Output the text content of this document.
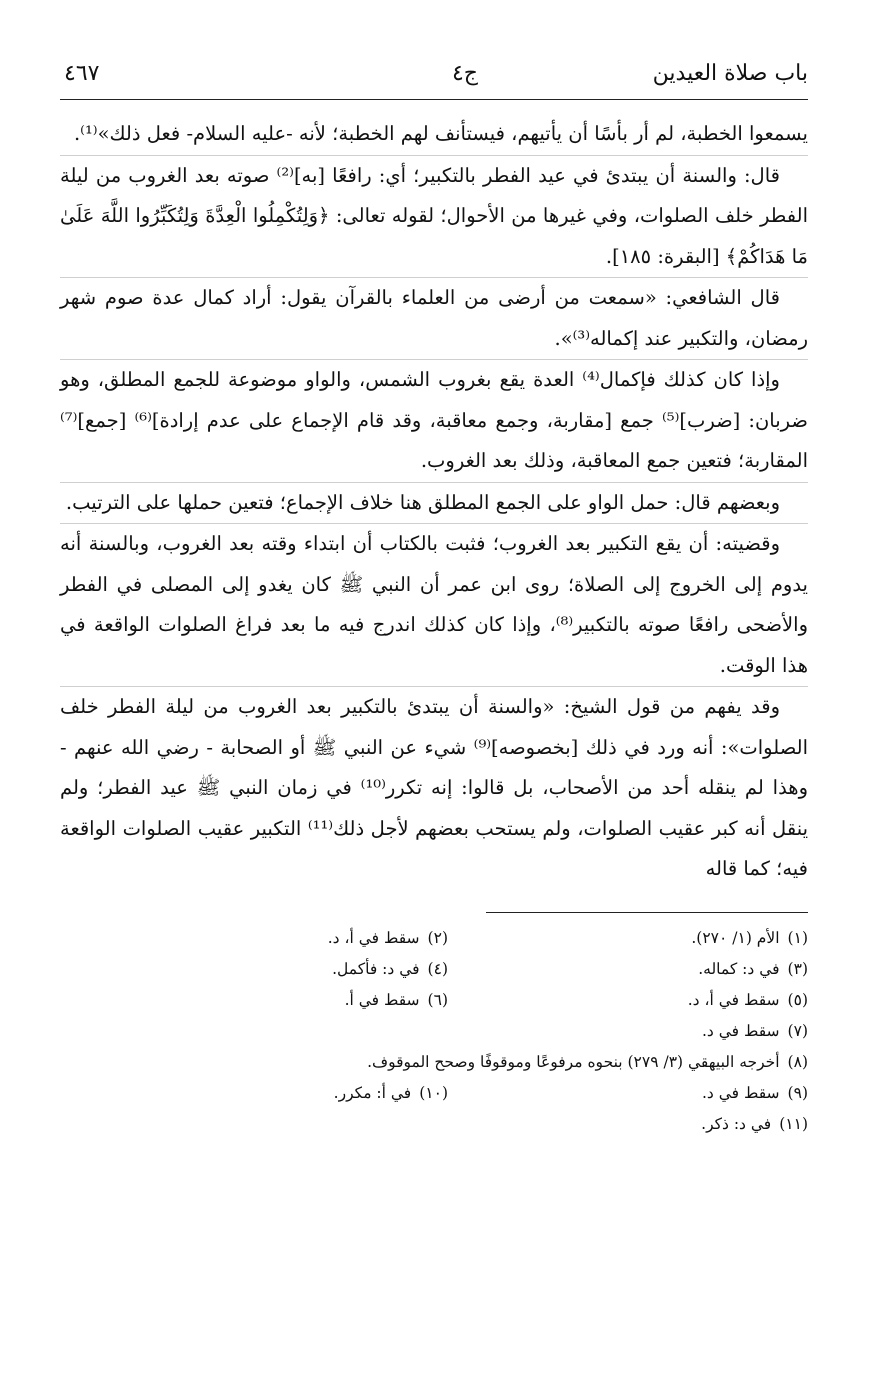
باب صلاة العيدين
ج٤
٤٦٧

يسمعوا الخطبة، لم أر بأسًا أن يأتيهم، فيستأنف لهم الخطبة؛ لأنه -عليه السلام- فعل ذلك»⁽¹⁾.

قال: والسنة أن يبتدئ في عيد الفطر بالتكبير؛ أي: رافعًا [به]⁽²⁾ صوته بعد الغروب من ليلة الفطر خلف الصلوات، وفي غيرها من الأحوال؛ لقوله تعالى: ﴿وَلِتُكْمِلُوا الْعِدَّةَ وَلِتُكَبِّرُوا اللَّهَ عَلَىٰ مَا هَدَاكُمْ﴾ [البقرة: ١٨٥].

قال الشافعي: «سمعت من أرضى من العلماء بالقرآن يقول: أراد كمال عدة صوم شهر رمضان، والتكبير عند إكماله⁽³⁾».

وإذا كان كذلك فإكمال⁽⁴⁾ العدة يقع بغروب الشمس، والواو موضوعة للجمع المطلق، وهو ضربان: [ضرب]⁽⁵⁾ جمع [مقاربة، وجمع معاقبة، وقد قام الإجماع على عدم إرادة]⁽⁶⁾ [جمع]⁽⁷⁾ المقاربة؛ فتعين جمع المعاقبة، وذلك بعد الغروب.

وبعضهم قال: حمل الواو على الجمع المطلق هنا خلاف الإجماع؛ فتعين حملها على الترتيب.

وقضيته: أن يقع التكبير بعد الغروب؛ فثبت بالكتاب أن ابتداء وقته بعد الغروب، وبالسنة أنه يدوم إلى الخروج إلى الصلاة؛ روى ابن عمر أن النبي ﷺ كان يغدو إلى المصلى في الفطر والأضحى رافعًا صوته بالتكبير⁽⁸⁾، وإذا كان كذلك اندرج فيه ما بعد فراغ الصلوات الواقعة في هذا الوقت.

وقد يفهم من قول الشيخ: «والسنة أن يبتدئ بالتكبير بعد الغروب من ليلة الفطر خلف الصلوات»: أنه ورد في ذلك [بخصوصه]⁽⁹⁾ شيء عن النبي ﷺ أو الصحابة - رضي الله عنهم - وهذا لم ينقله أحد من الأصحاب، بل قالوا: إنه تكرر⁽¹⁰⁾ في زمان النبي ﷺ عيد الفطر؛ ولم ينقل أنه كبر عقيب الصلوات، ولم يستحب بعضهم لأجل ذلك⁽¹¹⁾ التكبير عقيب الصلوات الواقعة فيه؛ كما قاله

(١)الأم (١/ ٢٧٠).
(٢)سقط في أ، د.
(٣)في د: كماله.
(٤)في د: فأكمل.
(٥)سقط في أ، د.
(٦)سقط في أ.
(٧)سقط في د.
(٨)أخرجه البيهقي (٣/ ٢٧٩) بنحوه مرفوعًا وموقوفًا وصحح الموقوف.
(٩)سقط في د.
(١٠)في أ: مكرر.
(١١)في د: ذكر.
